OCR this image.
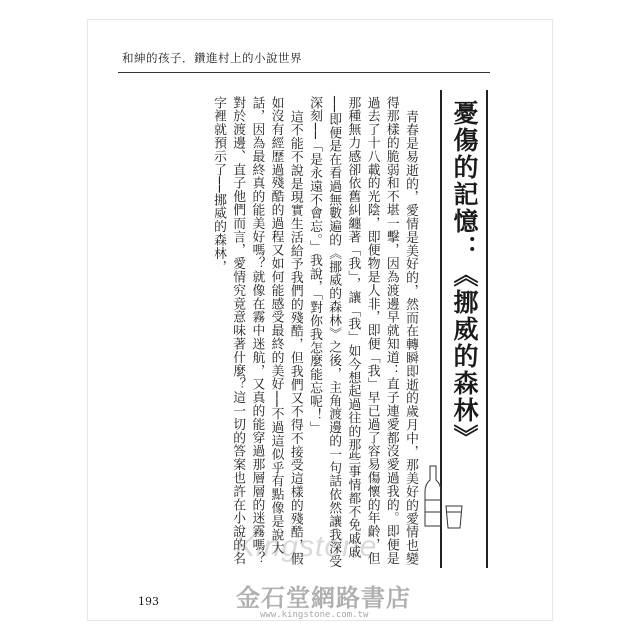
和紳的孩子．鑽進村上的小說世界
憂傷的記憶：《挪威的森林》

青春是易逝的，愛情是美好的，然而在轉瞬即逝的歲月中，那美好的愛情也變得那樣的脆弱和不堪一擊，因為渡邊早就知道：直子連愛都沒愛過我的。即便是過去了十八載的光陰，即便物是人非，即便「我」早已過了容易傷懷的年齡，但那種無力感卻依舊糾纏著「我」，讓「我」如今想起過往的那些事情都不免戚戚──即便是在看過無數遍的《挪威的森林》之後，主角渡邊的一句話依然讓我深受深刻──「是永遠不會忘。」我說，「對你我怎麼能忘呢！」

這不能不說是現實生活給予我們的殘酷，但我們又不得不接受這樣的殘酷，假如沒有經歷過殘酷的過程又如何能感受最終的美好──不過這似乎有點像是說大話，因為最終真的能美好嗎？就像在霧中迷航，又真的能穿過那層層的迷霧嗎？對於渡邊、直子他們而言，愛情究竟意味著什麼？這一切的答案也許在小說的名字裡就預示了──挪威的森林，

193
Kingstone
金石堂網路書店
www.kingstone.com.tw
